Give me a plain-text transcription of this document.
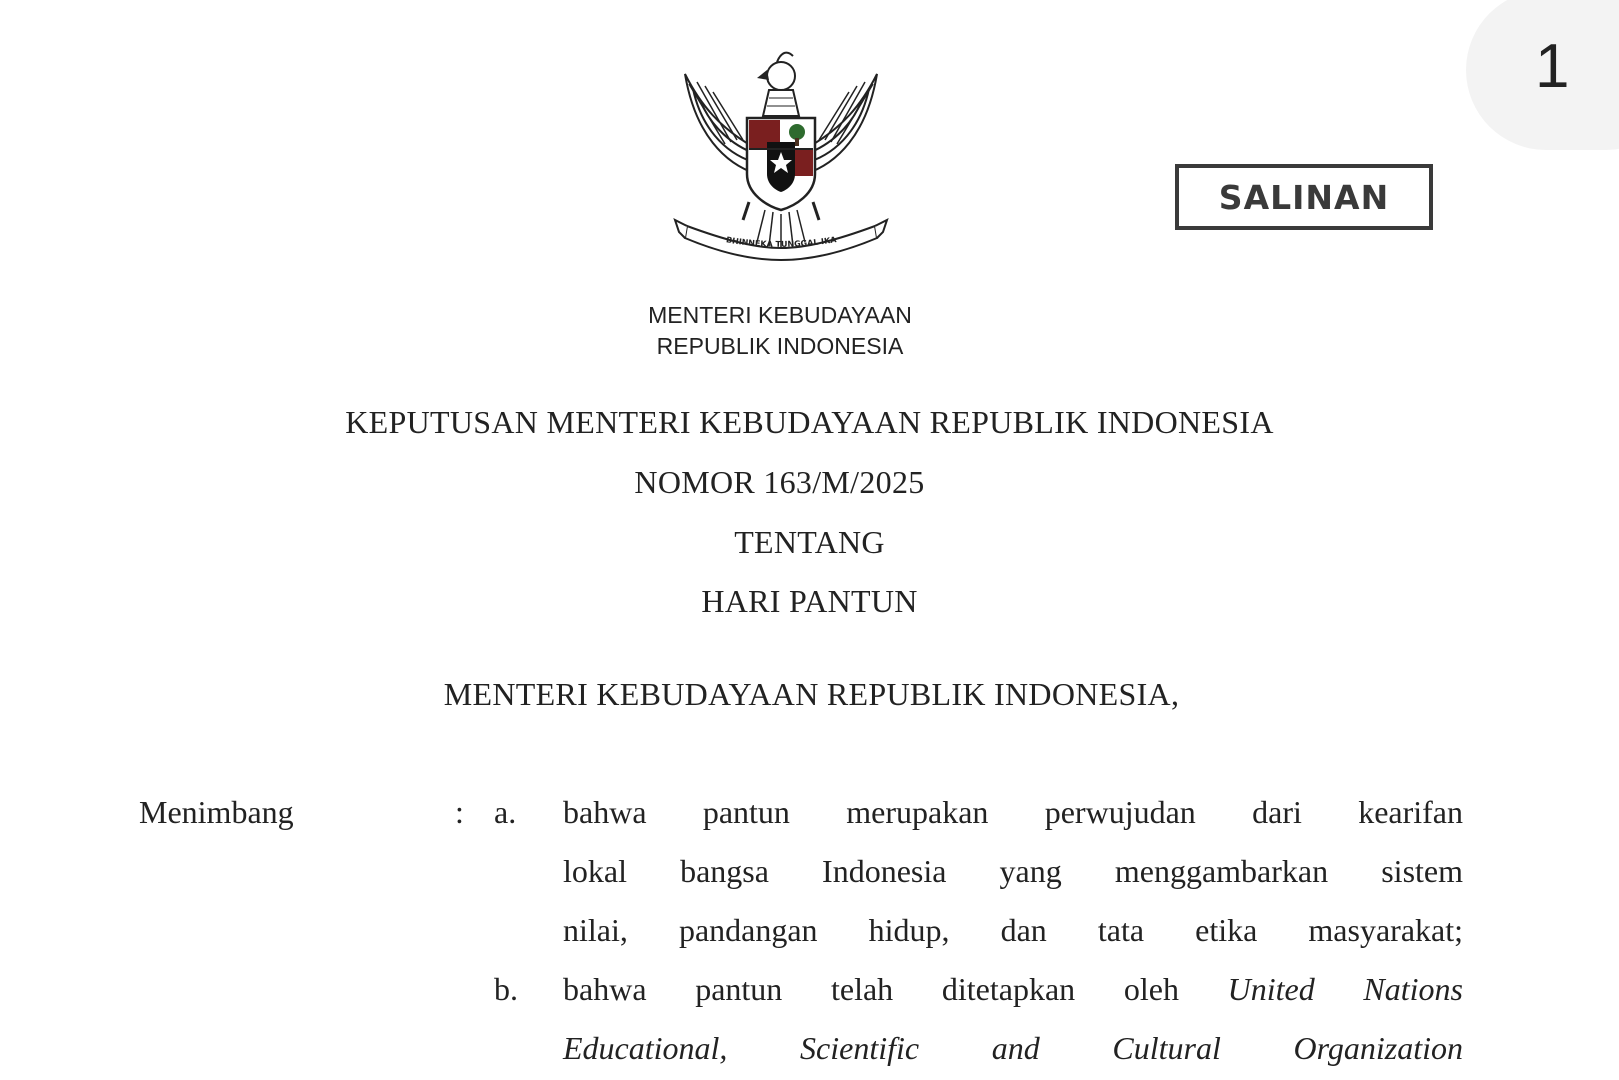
1
BHINNEKA TUNGGAL IKA
SALINAN
MENTERI KEBUDAYAAN
REPUBLIK INDONESIA
KEPUTUSAN MENTERI KEBUDAYAAN REPUBLIK INDONESIA
NOMOR 163/M/2025
TENTANG
HARI PANTUN
MENTERI KEBUDAYAAN REPUBLIK INDONESIA,
Menimbang	: a. bahwa pantun merupakan perwujudan dari kearifan
lokal bangsa Indonesia yang menggambarkan sistem
nilai, pandangan hidup, dan tata etika masyarakat;
b. bahwa pantun telah ditetapkan oleh United Nations
Educational, Scientific and Cultural Organization
